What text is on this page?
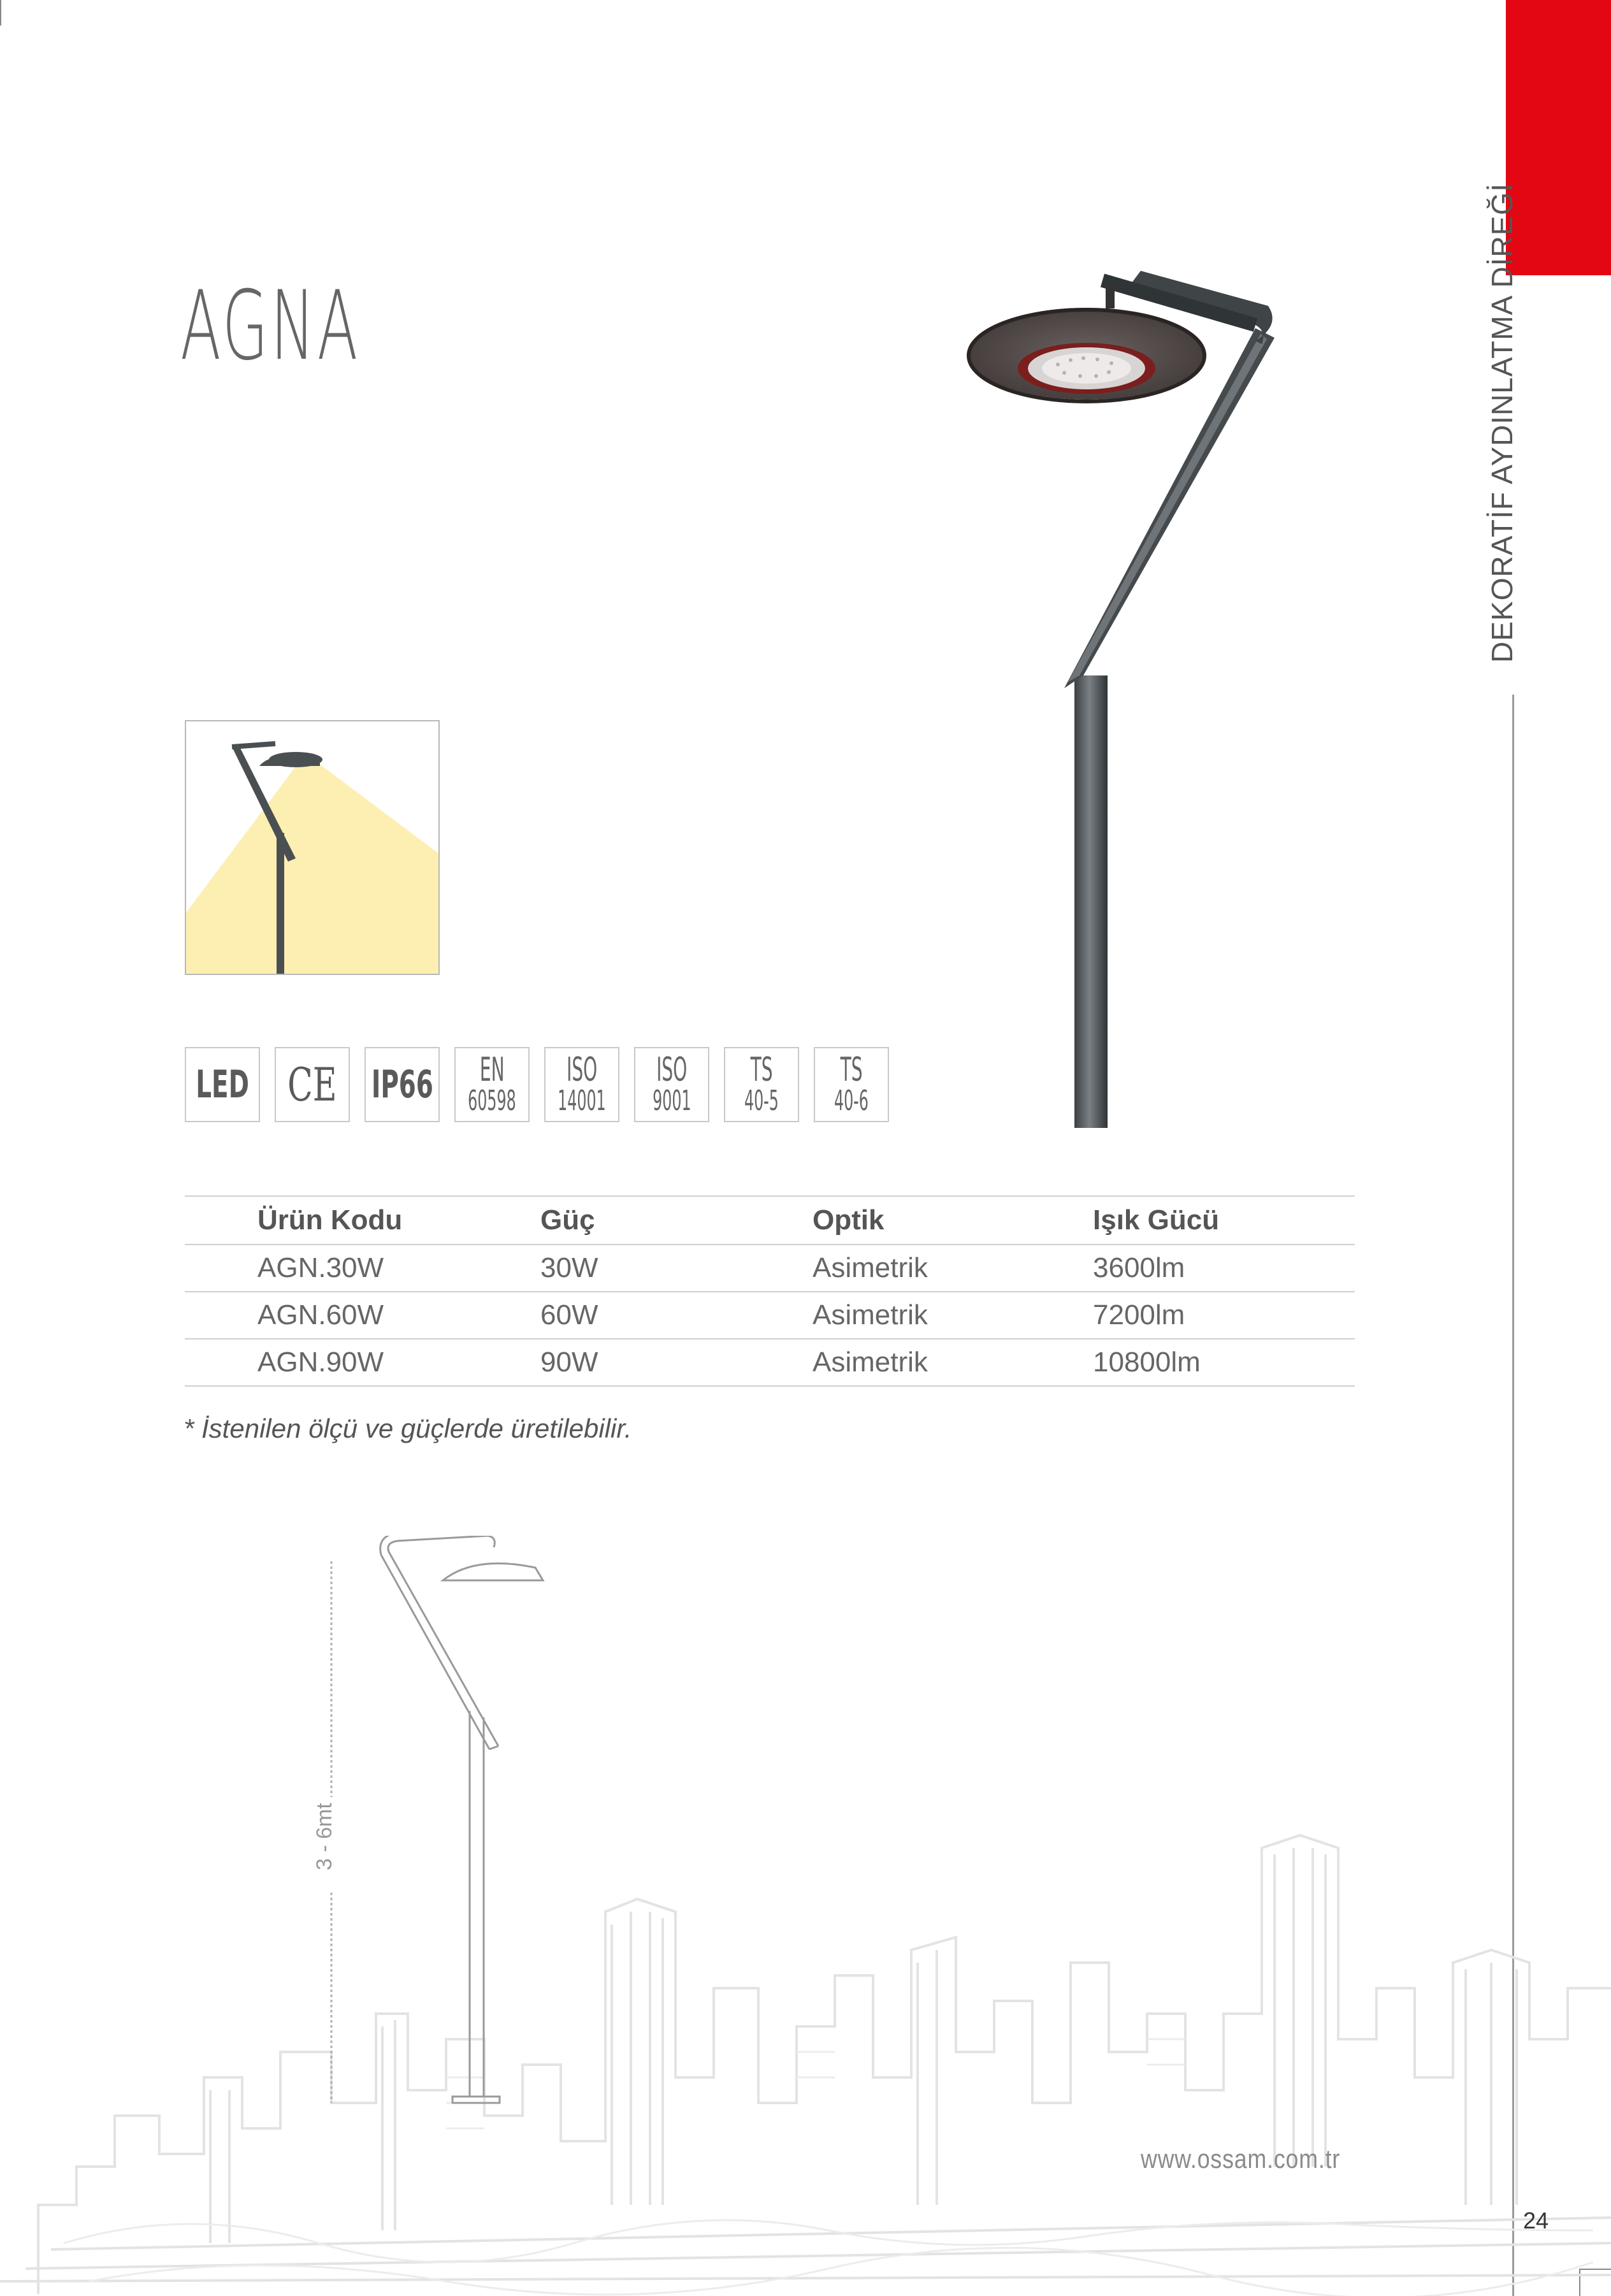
DEKORATİF AYDINLATMA DİREĞİ
AGNA
LED CE IP66 EN
60598
ISO
14001
ISO
9001
TS
40-5
TS
40-6
Ürün Kodu	Güç	Optik	Işık Gücü
AGN.30W	30W	Asimetrik	3600lm
AGN.60W	60W	Asimetrik	7200lm
AGN.90W	90W	Asimetrik	10800lm
* İstenilen ölçü ve güçlerde üretilebilir.
3 - 6mt
www.ossam.com.tr
24
